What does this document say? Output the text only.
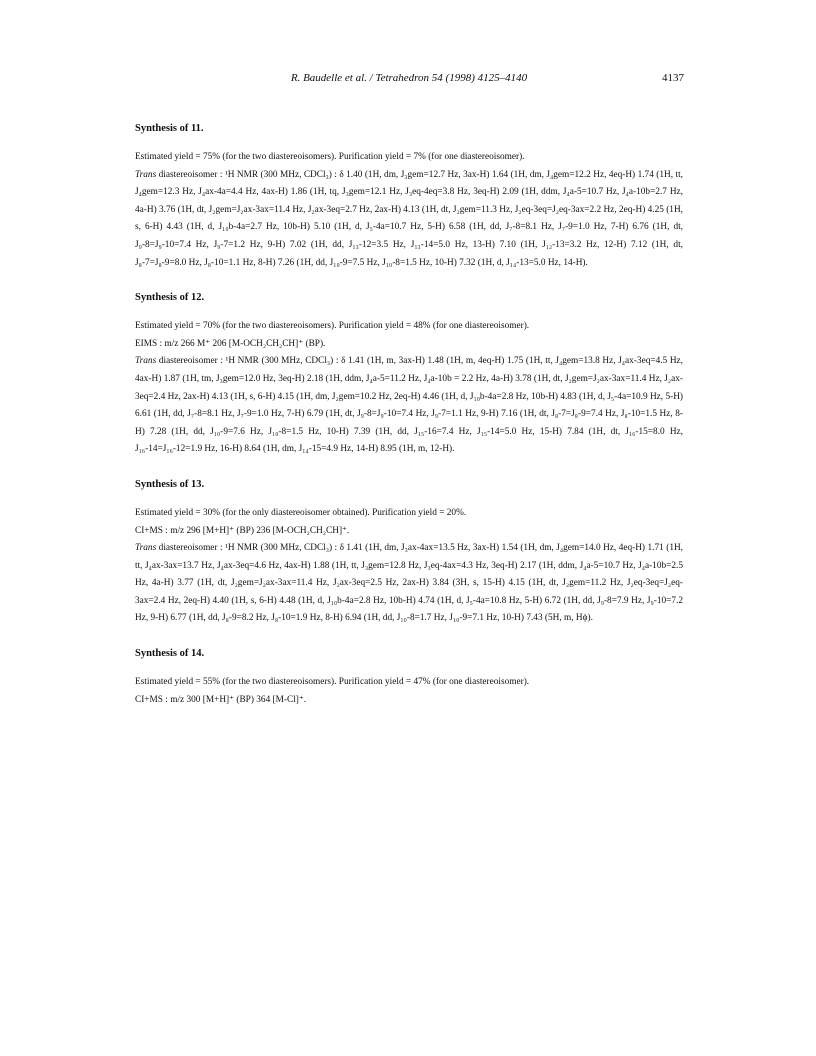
R. Baudelle et al. / Tetrahedron 54 (1998) 4125–4140	4137
Synthesis of 11.

Estimated yield = 75% (for the two diastereoisomers). Purification yield = 7% (for one diastereoisomer).

Trans diastereoisomer : ¹H NMR (300 MHz, CDCl₃) : δ 1.40 (1H, dm, J₃gem=12.7 Hz, 3ax-H) 1.64 (1H, dm, J₄gem=12.2 Hz, 4eq-H) 1.74 (1H, tt, J₄gem=12.3 Hz, J₄ax-4a=4.4 Hz, 4ax-H) 1.86 (1H, tq, J₃gem=12.1 Hz, J₃eq-4eq=3.8 Hz, 3eq-H) 2.09 (1H, ddm, J₄a-5=10.7 Hz, J₄a-10b=2.7 Hz, 4a-H) 3.76 (1H, dt, J₂gem=J₂ax-3ax=11.4 Hz, J₂ax-3eq=2.7 Hz, 2ax-H) 4.13 (1H, dt, J₂gem=11.3 Hz, J₂eq-3eq=J₂eq-3ax=2.2 Hz, 2eq-H) 4.25 (1H, s, 6-H) 4.43 (1H, d, J₁₀b-4a=2.7 Hz, 10b-H) 5.10 (1H, d, J₅-4a=10.7 Hz, 5-H) 6.58 (1H, dd, J₇-8=8.1 Hz, J₇-9=1.0 Hz, 7-H) 6.76 (1H, dt, J₉-8=J₉-10=7.4 Hz, J₉-7=1.2 Hz, 9-H) 7.02 (1H, dd, J₁₃-12=3.5 Hz, J₁₃-14=5.0 Hz, 13-H) 7.10 (1H, J₁₂-13=3.2 Hz, 12-H) 7.12 (1H, dt, J₈-7=J₈-9=8.0 Hz, J₈-10=1.1 Hz, 8-H) 7.26 (1H, dd, J₁₀-9=7.5 Hz, J₁₀-8=1.5 Hz, 10-H) 7.32 (1H, d, J₁₄-13=5.0 Hz, 14-H).

Synthesis of 12.

Estimated yield = 70% (for the two diastereoisomers). Purification yield = 48% (for one diastereoisomer).

EIMS : m/z 266 M⁺ 206 [M-OCH₂CH₂CH]⁺ (BP).

Trans diastereoisomer : ¹H NMR (300 MHz, CDCl₃) : δ 1.41 (1H, m, 3ax-H) 1.48 (1H, m, 4eq-H) 1.75 (1H, tt, J₄gem=13.8 Hz, J₄ax-3eq=4.5 Hz, 4ax-H) 1.87 (1H, tm, J₃gem=12.0 Hz, 3eq-H) 2.18 (1H, ddm, J₄a-5=11.2 Hz, J₄a-10b = 2.2 Hz, 4a-H) 3.78 (1H, dt, J₂gem=J₂ax-3ax=11.4 Hz, J₂ax-3eq=2.4 Hz, 2ax-H) 4.13 (1H, s, 6-H) 4.15 (1H, dm, J₂gem=10.2 Hz, 2eq-H) 4.46 (1H, d, J₁₀b-4a=2.8 Hz, 10b-H) 4.83 (1H, d, J₅-4a=10.9 Hz, 5-H) 6.61 (1H, dd, J₇-8=8.1 Hz, J₇-9=1.0 Hz, 7-H) 6.79 (1H, dt, J₉-8=J₉-10=7.4 Hz, J₉-7=1.1 Hz, 9-H) 7.16 (1H, dt, J₈-7=J₈-9=7.4 Hz, J₈-10=1.5 Hz, 8-H) 7.28 (1H, dd, J₁₀-9=7.6 Hz, J₁₀-8=1.5 Hz, 10-H) 7.39 (1H, dd, J₁₅-16=7.4 Hz, J₁₅-14=5.0 Hz, 15-H) 7.84 (1H, dt, J₁₆-15=8.0 Hz, J₁₆-14=J₁₆-12=1.9 Hz, 16-H) 8.64 (1H, dm, J₁₄-15=4.9 Hz, 14-H) 8.95 (1H, m, 12-H).

Synthesis of 13.

Estimated yield = 30% (for the only diastereoisomer obtained). Purification yield = 20%.

CI+MS : m/z 296 [M+H]⁺ (BP) 236 [M-OCH₂CH₂CH]⁺.

Trans diastereoisomer : ¹H NMR (300 MHz, CDCl₃) : δ 1.41 (1H, dm, J₃ax-4ax=13.5 Hz, 3ax-H) 1.54 (1H, dm, J₄gem=14.0 Hz, 4eq-H) 1.71 (1H, tt, J₄ax-3ax=13.7 Hz, J₄ax-3eq=4.6 Hz, 4ax-H) 1.88 (1H, tt, J₃gem=12.8 Hz, J₃eq-4ax=4.3 Hz, 3eq-H) 2.17 (1H, ddm, J₄a-5=10.7 Hz, J₄a-10b=2.5 Hz, 4a-H) 3.77 (1H, dt, J₂gem=J₂ax-3ax=11.4 Hz, J₂ax-3eq=2.5 Hz, 2ax-H) 3.84 (3H, s, 15-H) 4.15 (1H, dt, J₂gem=11.2 Hz, J₂eq-3eq=J₂eq-3ax=2.4 Hz, 2eq-H) 4.40 (1H, s, 6-H) 4.48 (1H, d, J₁₀b-4a=2.8 Hz, 10b-H) 4.74 (1H, d, J₅-4a=10.8 Hz, 5-H) 6.72 (1H, dd, J₉-8=7.9 Hz, J₉-10=7.2 Hz, 9-H) 6.77 (1H, dd, J₈-9=8.2 Hz, J₈-10=1.9 Hz, 8-H) 6.94 (1H, dd, J₁₀-8=1.7 Hz, J₁₀-9=7.1 Hz, 10-H) 7.43 (5H, m, Hϕ).

Synthesis of 14.

Estimated yield = 55% (for the two diastereoisomers). Purification yield = 47% (for one diastereoisomer).

CI+MS : m/z 300 [M+H]⁺ (BP) 364 [M-Cl]⁺.
